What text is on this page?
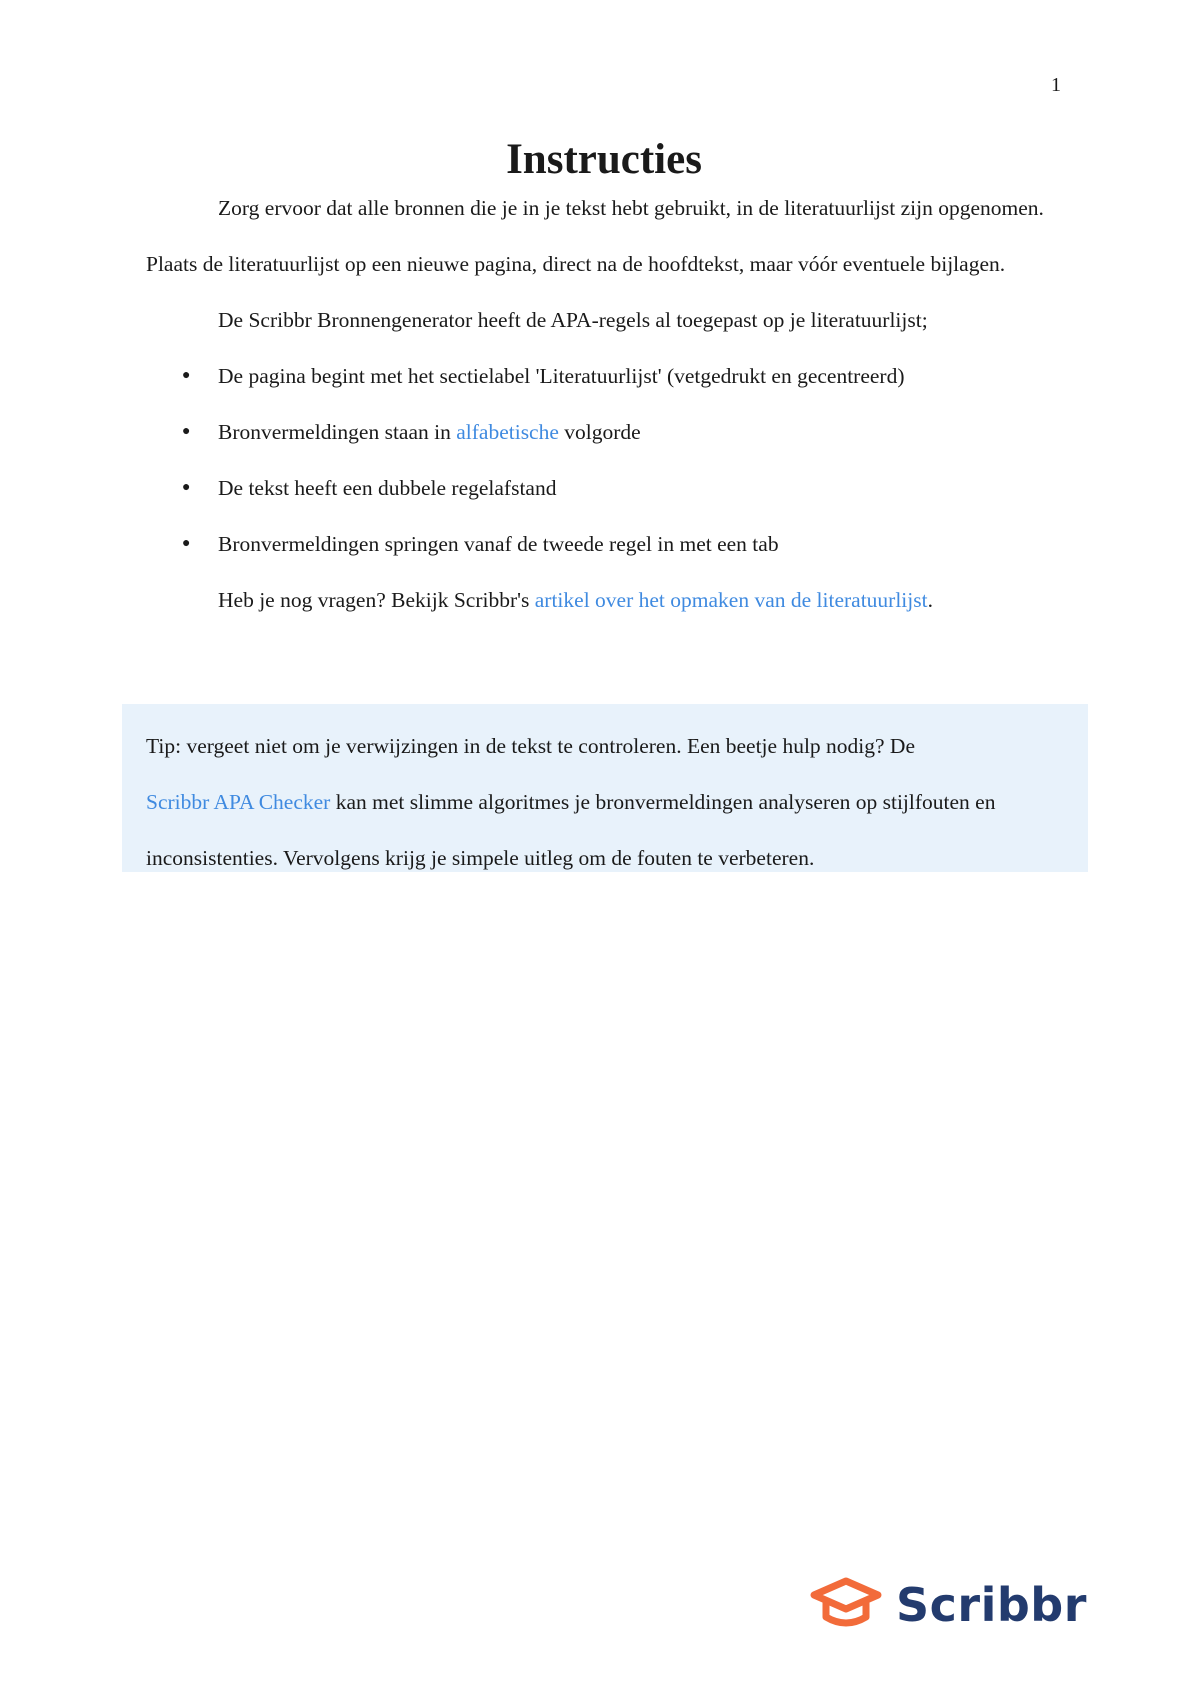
1
Instructies

Zorg ervoor dat alle bronnen die je in je tekst hebt gebruikt, in de literatuurlijst zijn opgenomen. Plaats de literatuurlijst op een nieuwe pagina, direct na de hoofdtekst, maar vóór eventuele bijlagen.

De Scribbr Bronnengenerator heeft de APA-regels al toegepast op je literatuurlijst;

● De pagina begint met het sectielabel 'Literatuurlijst' (vetgedrukt en gecentreerd)
● Bronvermeldingen staan in alfabetische volgorde
● De tekst heeft een dubbele regelafstand
● Bronvermeldingen springen vanaf de tweede regel in met een tab

Heb je nog vragen? Bekijk Scribbr's artikel over het opmaken van de literatuurlijst.

Tip: vergeet niet om je verwijzingen in de tekst te controleren. Een beetje hulp nodig? De
Scribbr APA Checker kan met slimme algoritmes je bronvermeldingen analyseren op stijlfouten en inconsistenties. Vervolgens krijg je simpele uitleg om de fouten te verbeteren.
Scribbr
